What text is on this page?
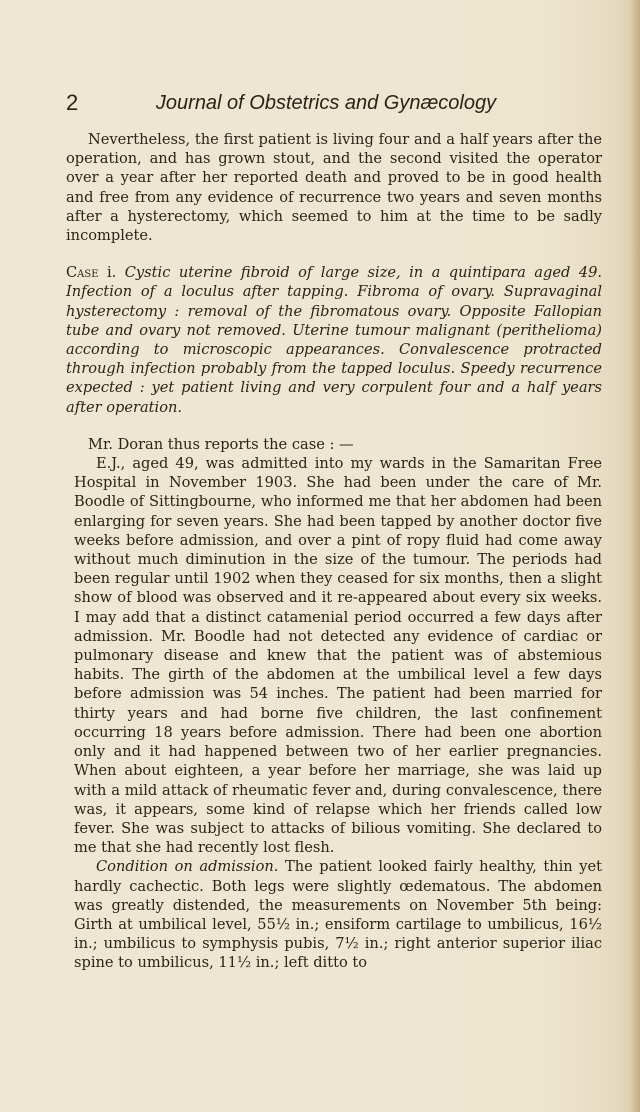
2	Journal of Obstetrics and Gynæcology

Nevertheless, the first patient is living four and a half years after the operation, and has grown stout, and the second visited the operator over a year after her reported death and proved to be in good health and free from any evidence of recurrence two years and seven months after a hysterectomy, which seemed to him at the time to be sadly incomplete.

Case i. Cystic uterine fibroid of large size, in a quintipara aged 49. Infection of a loculus after tapping. Fibroma of ovary. Supravaginal hysterectomy : removal of the fibromatous ovary. Opposite Fallopian tube and ovary not removed. Uterine tumour malignant (perithelioma) according to microscopic appearances. Convalescence protracted through infection probably from the tapped loculus. Speedy recurrence expected : yet patient living and very corpulent four and a half years after operation.

Mr. Doran thus reports the case : —

E.J., aged 49, was admitted into my wards in the Samaritan Free Hospital in November 1903. She had been under the care of Mr. Boodle of Sittingbourne, who informed me that her abdomen had been enlarging for seven years. She had been tapped by another doctor five weeks before admission, and over a pint of ropy fluid had come away without much diminution in the size of the tumour. The periods had been regular until 1902 when they ceased for six months, then a slight show of blood was observed and it re-appeared about every six weeks. I may add that a distinct catamenial period occurred a few days after admission. Mr. Boodle had not detected any evidence of cardiac or pulmonary disease and knew that the patient was of abstemious habits. The girth of the abdomen at the umbilical level a few days before admission was 54 inches. The patient had been married for thirty years and had borne five children, the last confinement occurring 18 years before admission. There had been one abortion only and it had happened between two of her earlier pregnancies. When about eighteen, a year before her marriage, she was laid up with a mild attack of rheumatic fever and, during convalescence, there was, it appears, some kind of relapse which her friends called low fever. She was subject to attacks of bilious vomiting. She declared to me that she had recently lost flesh.

Condition on admission. The patient looked fairly healthy, thin yet hardly cachectic. Both legs were slightly œdematous. The abdomen was greatly distended, the measurements on November 5th being: Girth at umbilical level, 55½ in.; ensiform cartilage to umbilicus, 16½ in.; umbilicus to symphysis pubis, 7½ in.; right anterior superior iliac spine to umbilicus, 11½ in.; left ditto to
